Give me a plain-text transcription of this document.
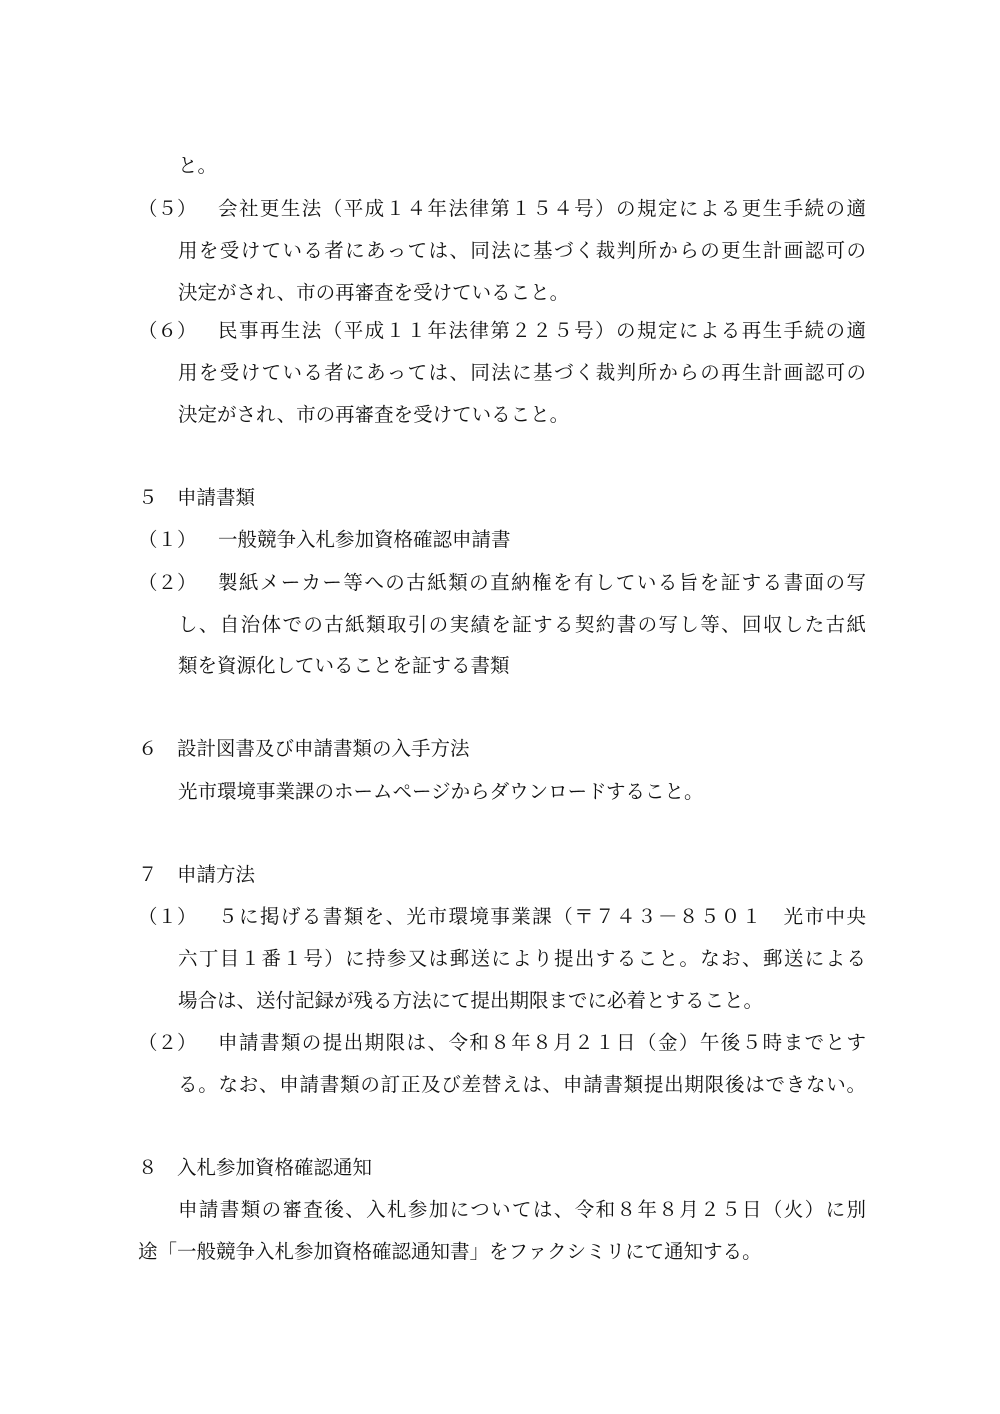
と。
（５） 会社更生法（平成１４年法律第１５４号）の規定による更生手続の適
用を受けている者にあっては、同法に基づく裁判所からの更生計画認可の
決定がされ、市の再審査を受けていること。
（６） 民事再生法（平成１１年法律第２２５号）の規定による再生手続の適
用を受けている者にあっては、同法に基づく裁判所からの再生計画認可の
決定がされ、市の再審査を受けていること。
５　申請書類
（１） 一般競争入札参加資格確認申請書
（２） 製紙メーカー等への古紙類の直納権を有している旨を証する書面の写
し、自治体での古紙類取引の実績を証する契約書の写し等、回収した古紙
類を資源化していることを証する書類
６　設計図書及び申請書類の入手方法
光市環境事業課のホームページからダウンロードすること。
７　申請方法
（１） ５に掲げる書類を、光市環境事業課（〒７４３－８５０１　光市中央
六丁目１番１号）に持参又は郵送により提出すること。なお、郵送による
場合は、送付記録が残る方法にて提出期限までに必着とすること。
（２） 申請書類の提出期限は、令和８年８月２１日（金）午後５時までとす
る。なお、申請書類の訂正及び差替えは、申請書類提出期限後はできない。
８　入札参加資格確認通知
申請書類の審査後、入札参加については、令和８年８月２５日（火）に別
途「一般競争入札参加資格確認通知書」をファクシミリにて通知する。
